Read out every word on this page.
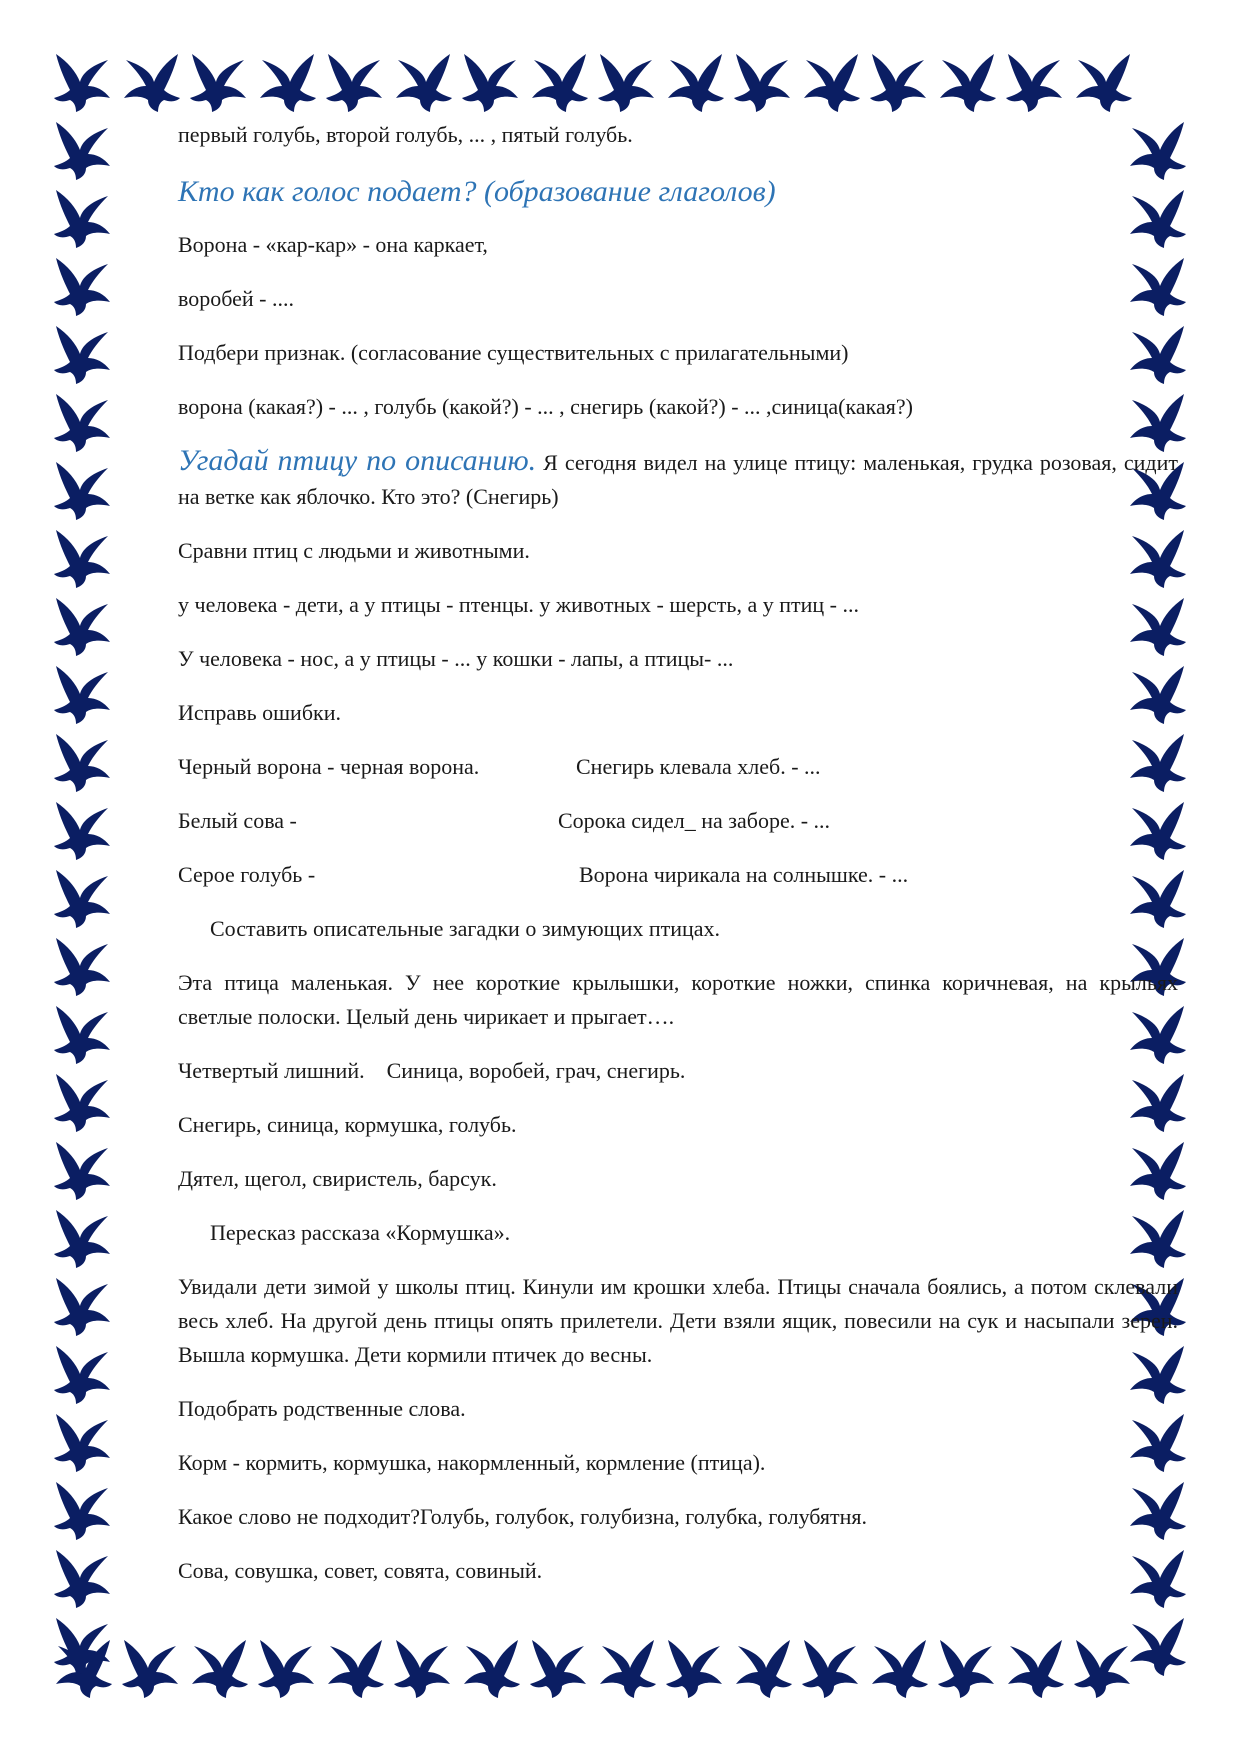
первый голубь, второй голубь, ... , пятый голубь.

Кто как голос подает? (образование глаголов)

Ворона - «кар-кар» - она каркает,

воробей - ....

Подбери признак. (согласование существительных с прилагательными)

ворона (какая?) - ... , голубь (какой?) - ... , снегирь (какой?) - ... ,синица(какая?)

Угадай птицу по описанию. Я сегодня видел на улице птицу: маленькая, грудка розовая, сидит на ветке как яблочко. Кто это? (Снегирь)

Сравни птиц с людьми и животными.

у человека - дети, а у птицы - птенцы. у животных - шерсть, а у птиц - ...

У человека - нос, а у птицы - ... у кошки - лапы, а птицы- ...

Исправь ошибки.

Черный ворона - черная ворона.	Снегирь клевала хлеб. - ...
Белый сова -	Сорока сидел_ на заборе. - ...
Серое голубь -	Ворона чирикала на солнышке. - ...

Составить описательные загадки о зимующих птицах.

Эта птица маленькая. У нее короткие крылышки, короткие ножки, спинка коричневая, на крыльях светлые полоски. Целый день чирикает и прыгает….

Четвертый лишний.    Синица, воробей, грач, снегирь.

Снегирь, синица, кормушка, голубь.

Дятел, щегол, свиристель, барсук.

Пересказ рассказа «Кормушка».

Увидали дети зимой у школы птиц. Кинули им крошки хлеба. Птицы сначала боялись, а потом склевали весь хлеб. На другой день птицы опять прилетели. Дети взяли ящик, повесили на сук и насыпали зерен. Вышла кормушка. Дети кормили птичек до весны.

Подобрать родственные слова.

Корм - кормить, кормушка, накормленный, кормление (птица).

Какое слово не подходит?Голубь, голубок, голубизна, голубка, голубятня.

Сова, совушка, совет, совята, совиный.
